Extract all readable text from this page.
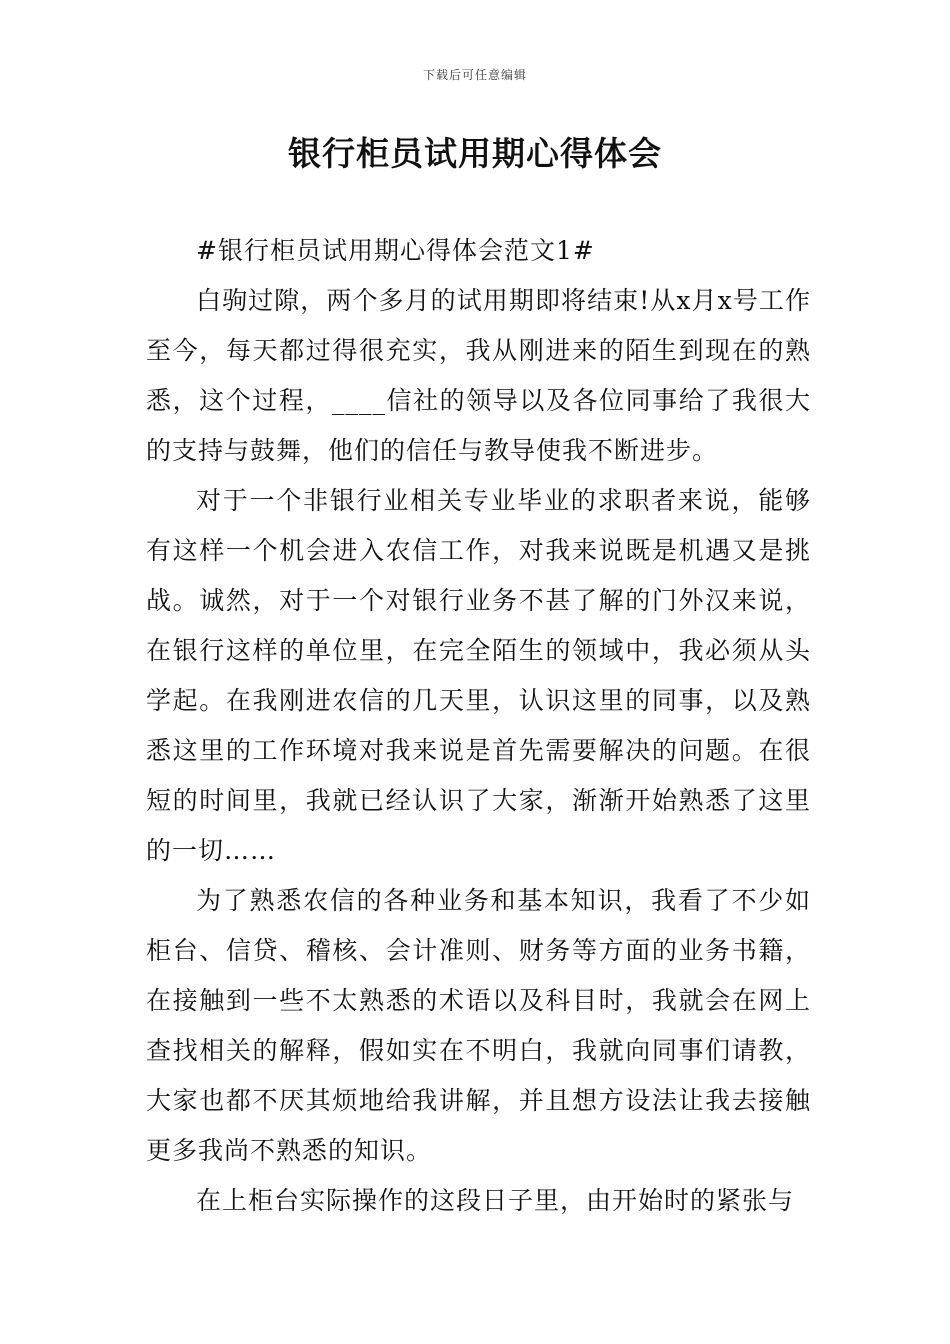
下载后可任意编辑
银行柜员试用期心得体会

#银行柜员试用期心得体会范文1#

白驹过隙，两个多月的试用期即将结束!从x月x号工作至今，每天都过得很充实，我从刚进来的陌生到现在的熟悉，这个过程，____信社的领导以及各位同事给了我很大的支持与鼓舞，他们的信任与教导使我不断进步。

对于一个非银行业相关专业毕业的求职者来说，能够有这样一个机会进入农信工作，对我来说既是机遇又是挑战。诚然，对于一个对银行业务不甚了解的门外汉来说，在银行这样的单位里，在完全陌生的领域中，我必须从头学起。在我刚进农信的几天里，认识这里的同事，以及熟悉这里的工作环境对我来说是首先需要解决的问题。在很短的时间里，我就已经认识了大家，渐渐开始熟悉了这里的一切……

为了熟悉农信的各种业务和基本知识，我看了不少如柜台、信贷、稽核、会计准则、财务等方面的业务书籍，在接触到一些不太熟悉的术语以及科目时，我就会在网上查找相关的解释，假如实在不明白，我就向同事们请教，大家也都不厌其烦地给我讲解，并且想方设法让我去接触更多我尚不熟悉的知识。

在上柜台实际操作的这段日子里，由开始时的紧张与
